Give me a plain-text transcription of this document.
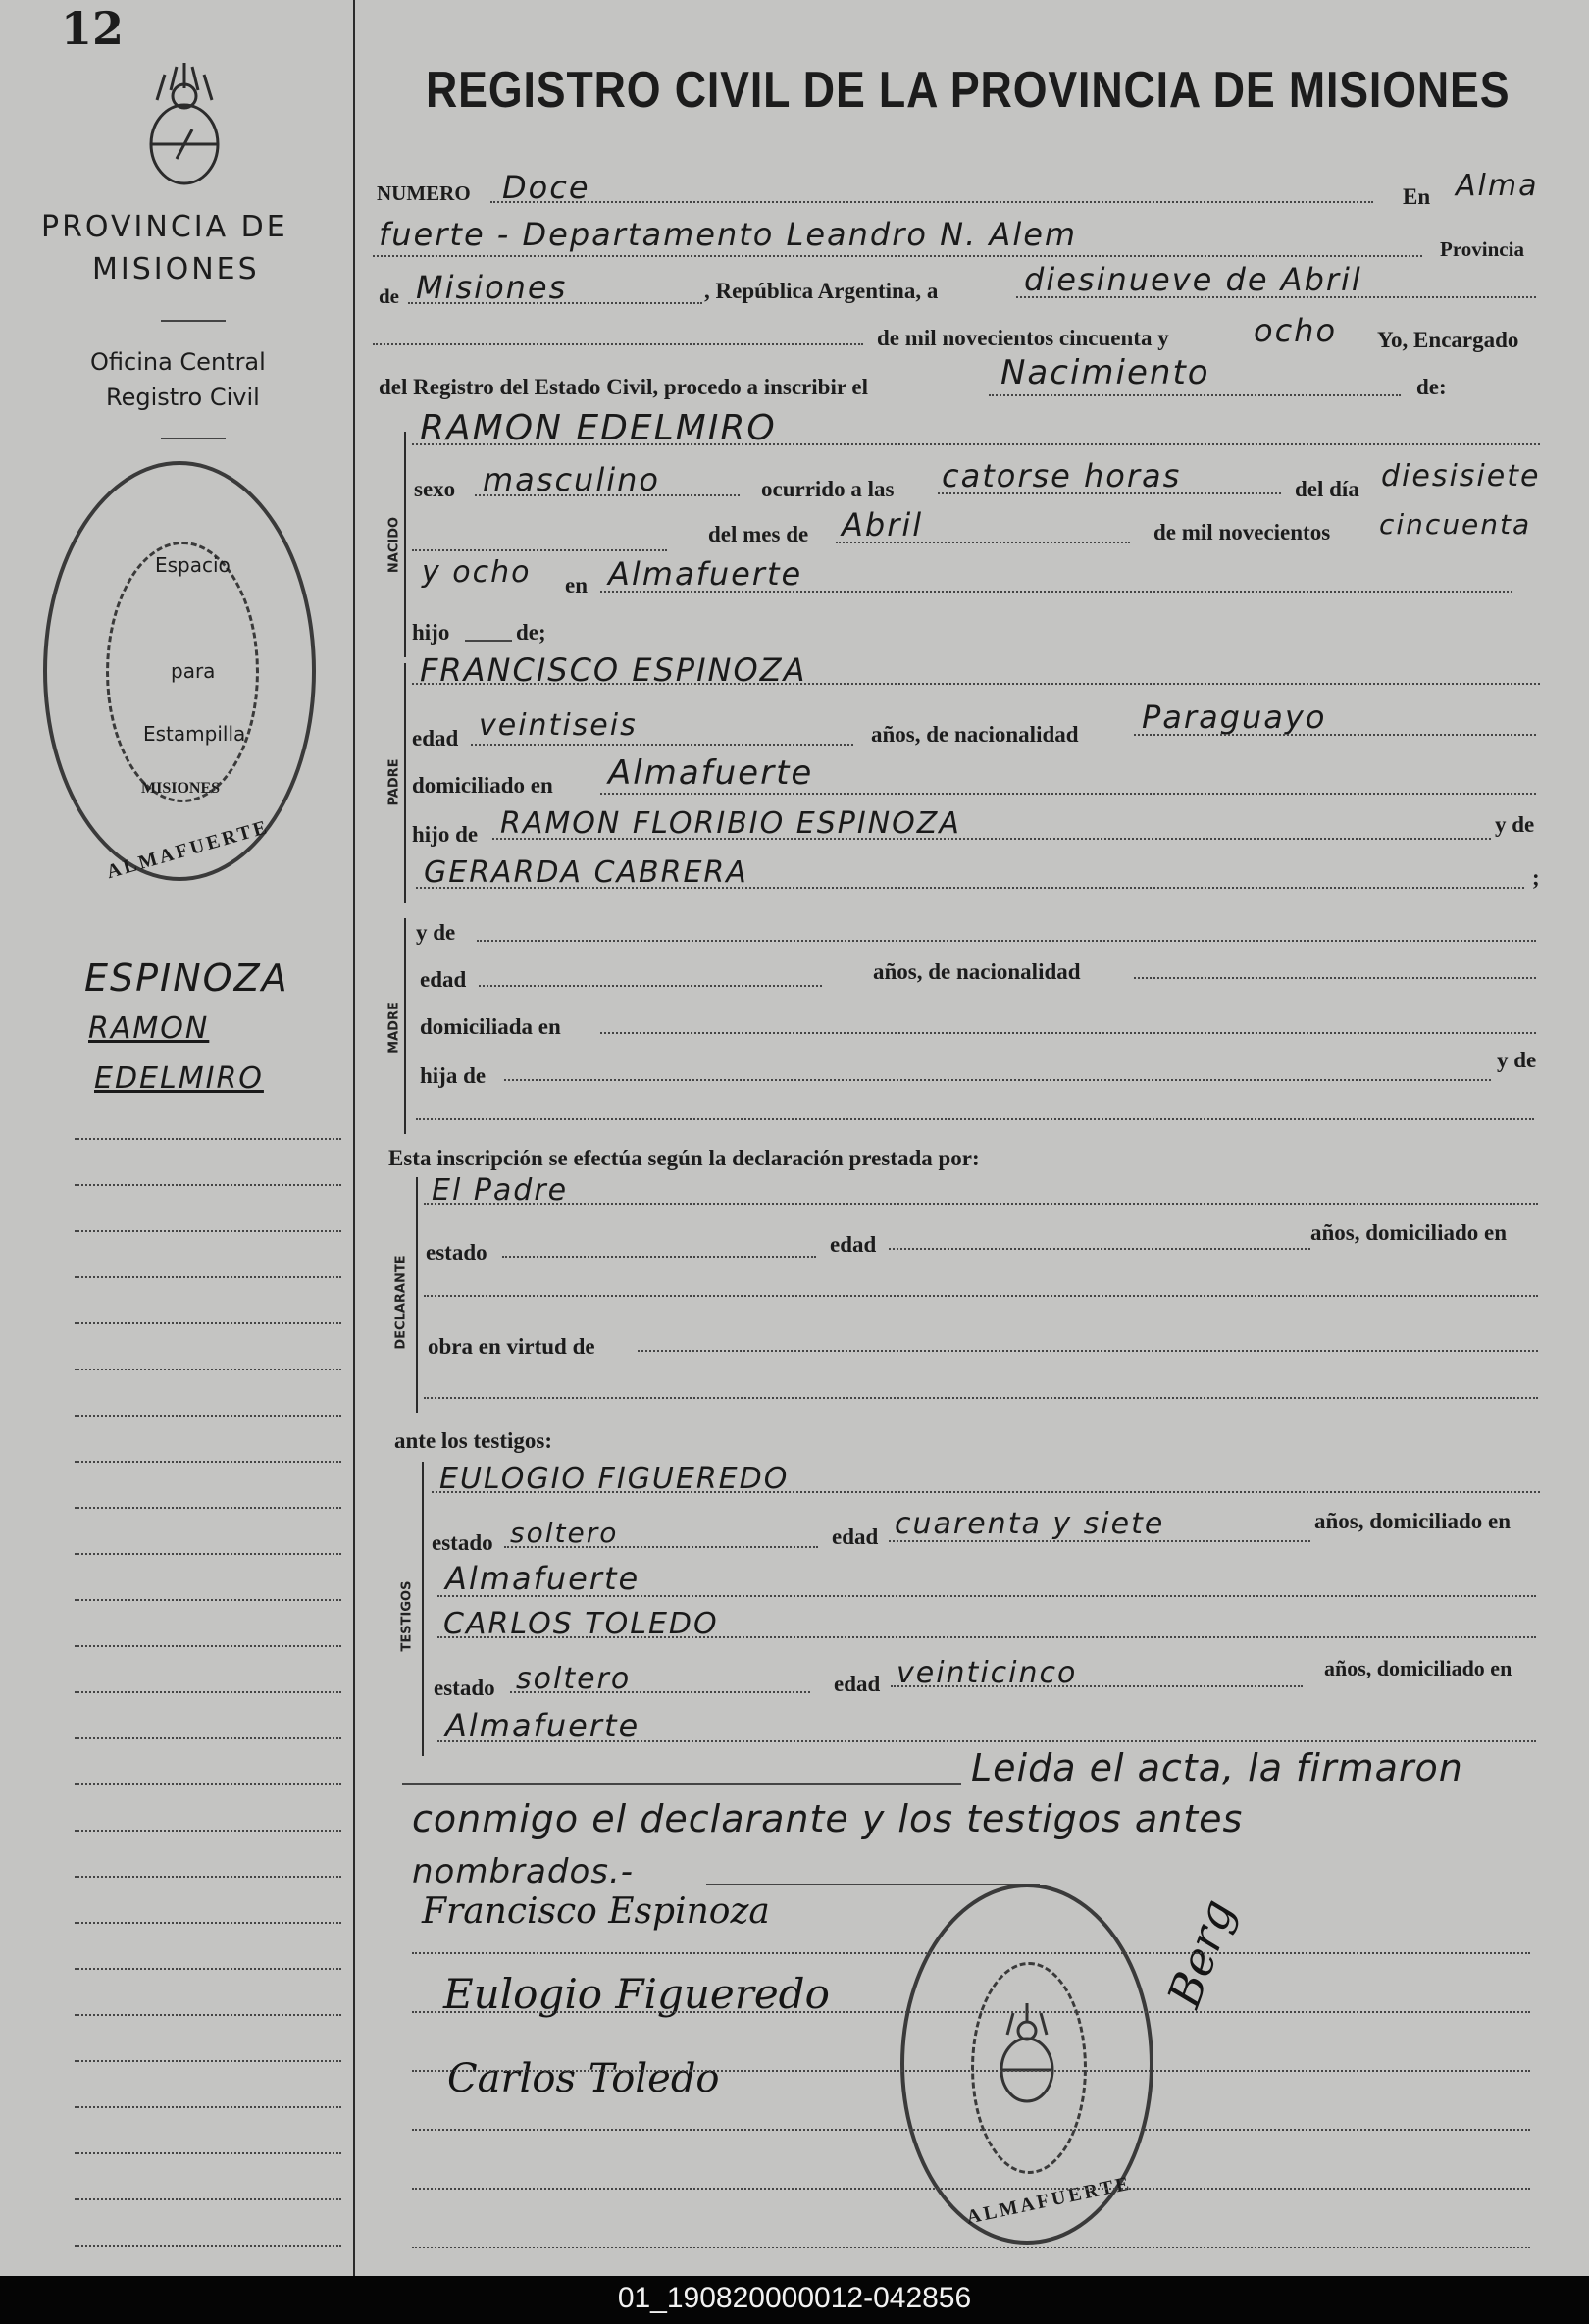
12
REGISTRO CIVIL DE LA PROVINCIA DE MISIONES
PROVINCIA DE
MISIONES
Oficina Central
Registro Civil
Espacio
para
Estampilla
MISIONES
ALMAFUERTE
ESPINOZA
RAMON
EDELMIRO
NUMERO Doce	En Alma
fuerte - Departamento Leandro N. Alem	Provincia
de Misiones	, República Argentina, a	diesinueve de Abril
de mil novecientos cincuenta y	ocho Yo, Encargado
del Registro del Estado Civil, procedo a inscribir el	Nacimiento	de:
NACIDO
RAMON EDELMIRO
sexo masculino	ocurrido a las catorse horas	del día diesisiete
del mes de Abril	de mil novecientos cincuenta
y ocho en Almafuerte
hijo	de;
PADRE
FRANCISCO ESPINOZA
edad veintiseis	años, de nacionalidad Paraguayo
domiciliado en Almafuerte
hijo de RAMON FLORIBIO ESPINOZA	y de
GERARDA CABRERA	;
MADRE
y de
edad	años, de nacionalidad
domiciliada en
hija de
y de
Esta inscripción se efectúa según la declaración prestada por:
DECLARANTE
El Padre
estado	edad	años, domiciliado en
obra en virtud de
ante los testigos:
TESTIGOS
EULOGIO FIGUEREDO
estado soltero	edad cuarenta y siete	años, domiciliado en
Almafuerte
CARLOS TOLEDO
estado soltero	edad veinticinco	años, domiciliado en
Almafuerte
Leida el acta, la firmaron
conmigo el declarante y los testigos antes
nombrados.-
Francisco Espinoza
Eulogio Figueredo
Carlos Toledo
Berg
ALMAFUERTE
01_190820000012-042856
